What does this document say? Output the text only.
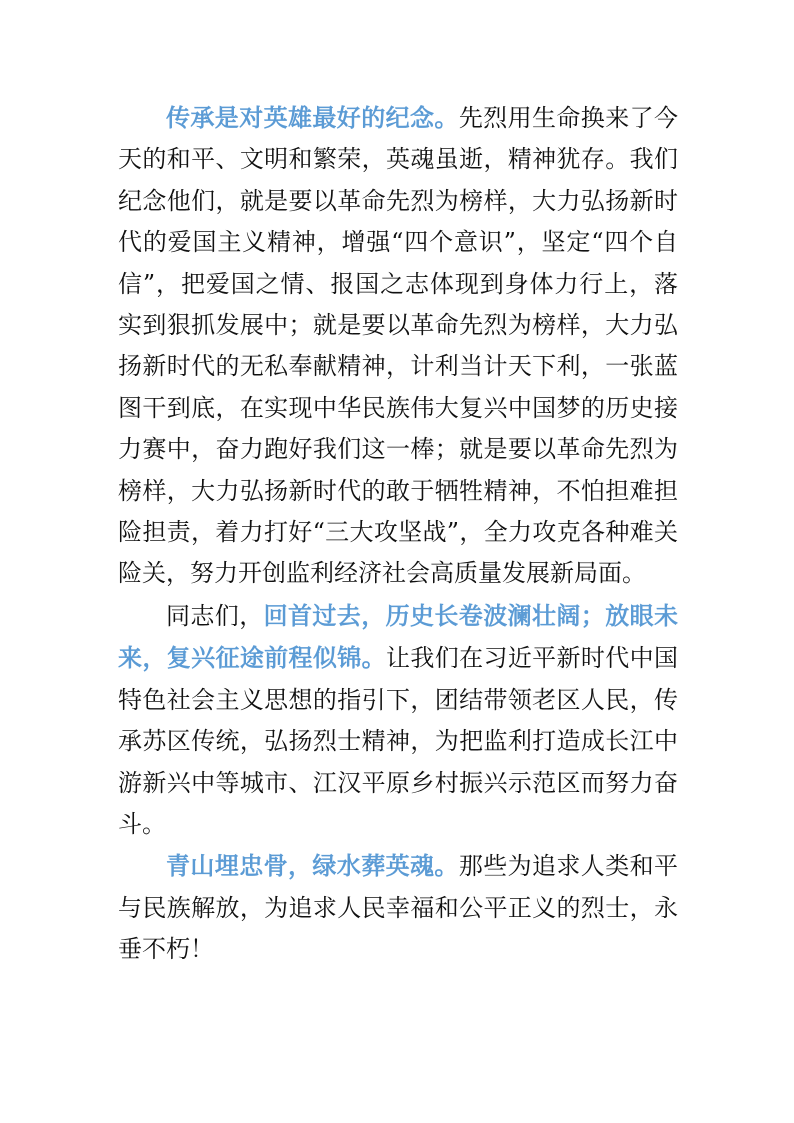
传承是对英雄最好的纪念。先烈用生命换来了今天的和平、文明和繁荣，英魂虽逝，精神犹存。我们纪念他们，就是要以革命先烈为榜样，大力弘扬新时代的爱国主义精神，增强“四个意识”，坚定“四个自信”，把爱国之情、报国之志体现到身体力行上，落实到狠抓发展中；就是要以革命先烈为榜样，大力弘扬新时代的无私奉献精神，计利当计天下利，一张蓝图干到底，在实现中华民族伟大复兴中国梦的历史接力赛中，奋力跑好我们这一棒；就是要以革命先烈为榜样，大力弘扬新时代的敢于牺牲精神，不怕担难担险担责，着力打好“三大攻坚战”，全力攻克各种难关险关，努力开创监利经济社会高质量发展新局面。

同志们，回首过去，历史长卷波澜壮阔；放眼未来，复兴征途前程似锦。让我们在习近平新时代中国特色社会主义思想的指引下，团结带领老区人民，传承苏区传统，弘扬烈士精神，为把监利打造成长江中游新兴中等城市、江汉平原乡村振兴示范区而努力奋斗。

青山埋忠骨，绿水葬英魂。那些为追求人类和平与民族解放，为追求人民幸福和公平正义的烈士，永垂不朽！
